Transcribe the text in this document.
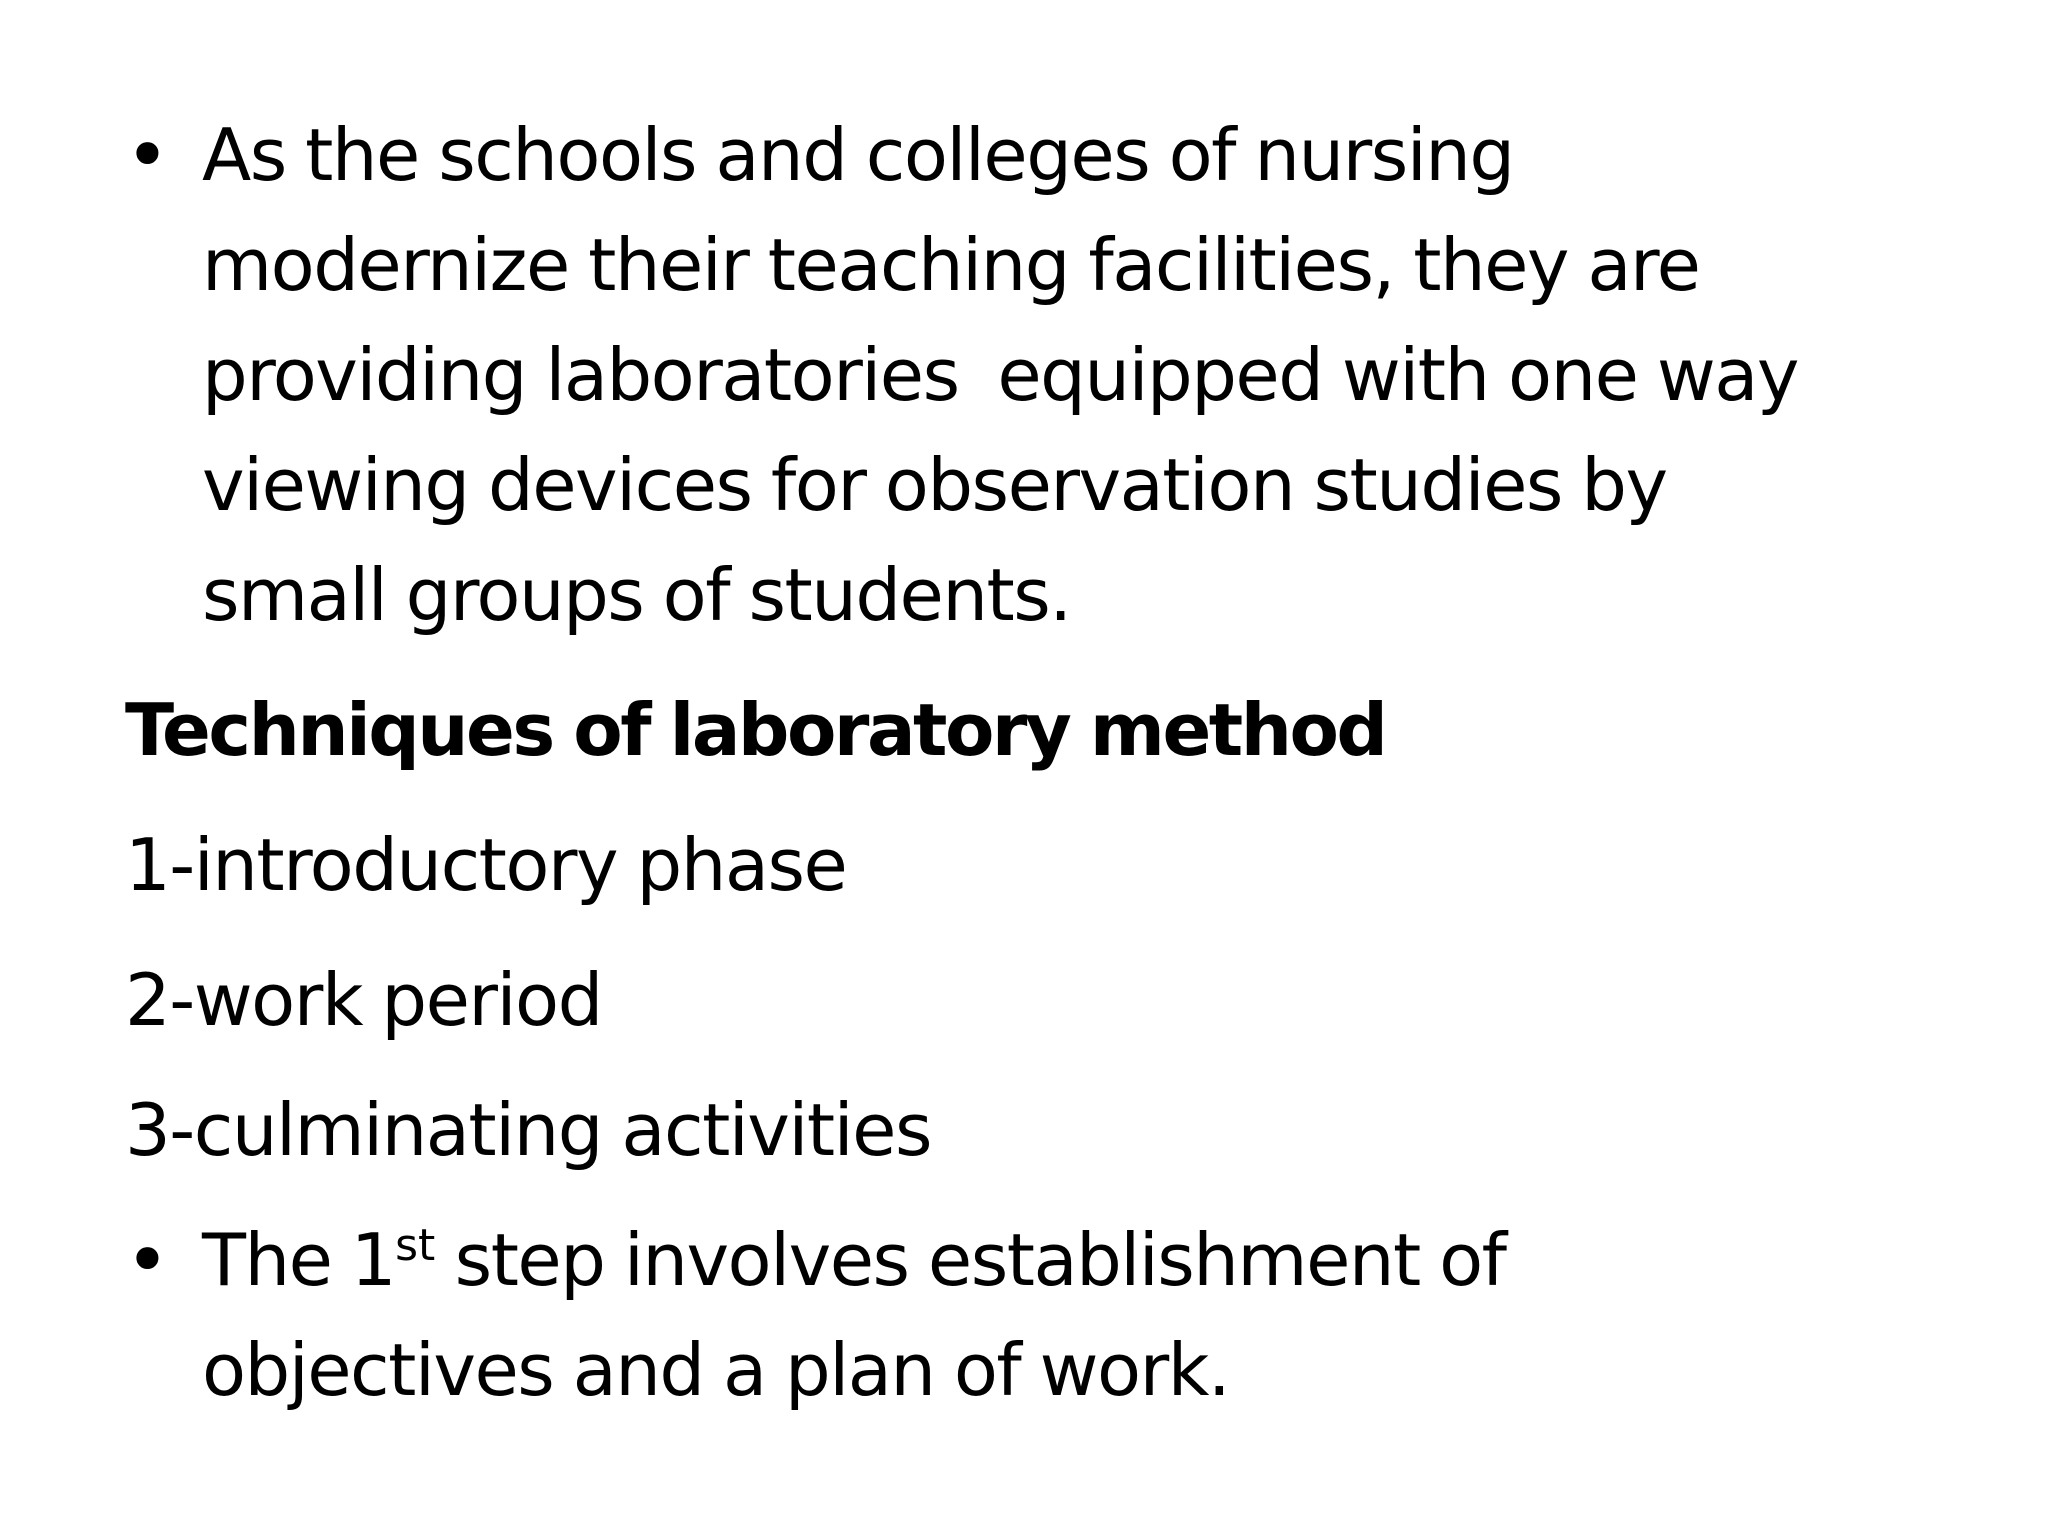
• As the schools and colleges of nursing
modernize their teaching facilities, they are
providing laboratories  equipped with one way
viewing devices for observation studies by
small groups of students.
Techniques of laboratory method
1-introductory phase
2-work period
3-culminating activities
• The 1st step involves establishment of
objectives and a plan of work.
